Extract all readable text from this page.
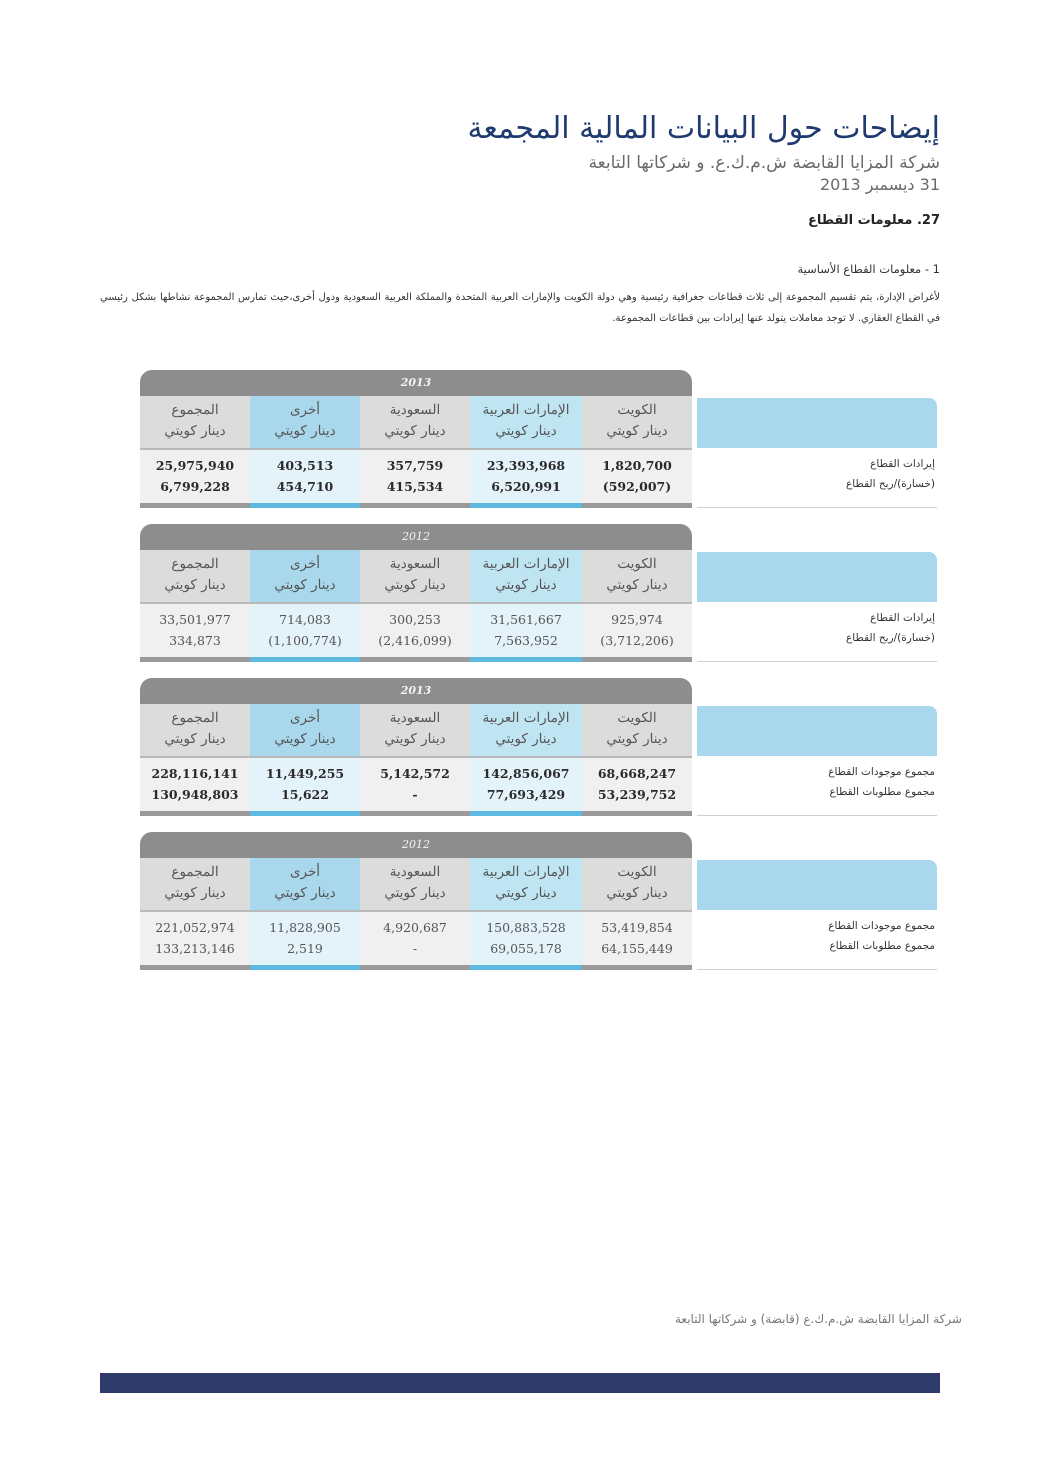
إيضاحات حول البيانات المالية المجمعة
شركة المزايا القابضة ش.م.ك.ع. و شركاتها التابعة
31 ديسمبر 2013
27. معلومات القطاع
1 - معلومات القطاع الأساسية
لأغراض الإدارة، يتم تقسيم المجموعة إلى ثلاث قطاعات جغرافية رئيسية وهي دولة الكويت والإمارات العربية المتحدة والمملكة العربية السعودية ودول أخرى،حيث تمارس المجموعة نشاطها بشكل رئيسي في القطاع العقاري. لا توجد معاملات يتولد عنها إيرادات بين قطاعات المجموعة.
2013
المجموع
دينار كويتي
أخرى
دينار كويتي
السعودية
دينار كويتي
الإمارات العربية
دينار كويتي
الكويت
دينار كويتي
إيرادات القطاع
(خسارة)/ربح القطاع
25,975,940	403,513	357,759	23,393,968	1,820,700
6,799,228	454,710	415,534	6,520,991	(592,007)
2012
المجموع
دينار كويتي
أخرى
دينار كويتي
السعودية
دينار كويتي
الإمارات العربية
دينار كويتي
الكويت
دينار كويتي
إيرادات القطاع
(خسارة)/ربح القطاع
33,501,977	714,083	300,253	31,561,667	925,974
334,873	(1,100,774)	(2,416,099)	7,563,952	(3,712,206)
2013
المجموع
دينار كويتي
أخرى
دينار كويتي
السعودية
دينار كويتي
الإمارات العربية
دينار كويتي
الكويت
دينار كويتي
مجموع موجودات القطاع
مجموع مطلوبات القطاع
228,116,141	11,449,255	5,142,572	142,856,067	68,668,247
130,948,803	15,622	-	77,693,429	53,239,752
2012
المجموع
دينار كويتي
أخرى
دينار كويتي
السعودية
دينار كويتي
الإمارات العربية
دينار كويتي
الكويت
دينار كويتي
مجموع موجودات القطاع
مجموع مطلوبات القطاع
221,052,974	11,828,905	4,920,687	150,883,528	53,419,854
133,213,146	2,519	-	69,055,178	64,155,449
شركة المزايا القابضة ش.م.ك.ع (قابضة) و شركاتها التابعة
